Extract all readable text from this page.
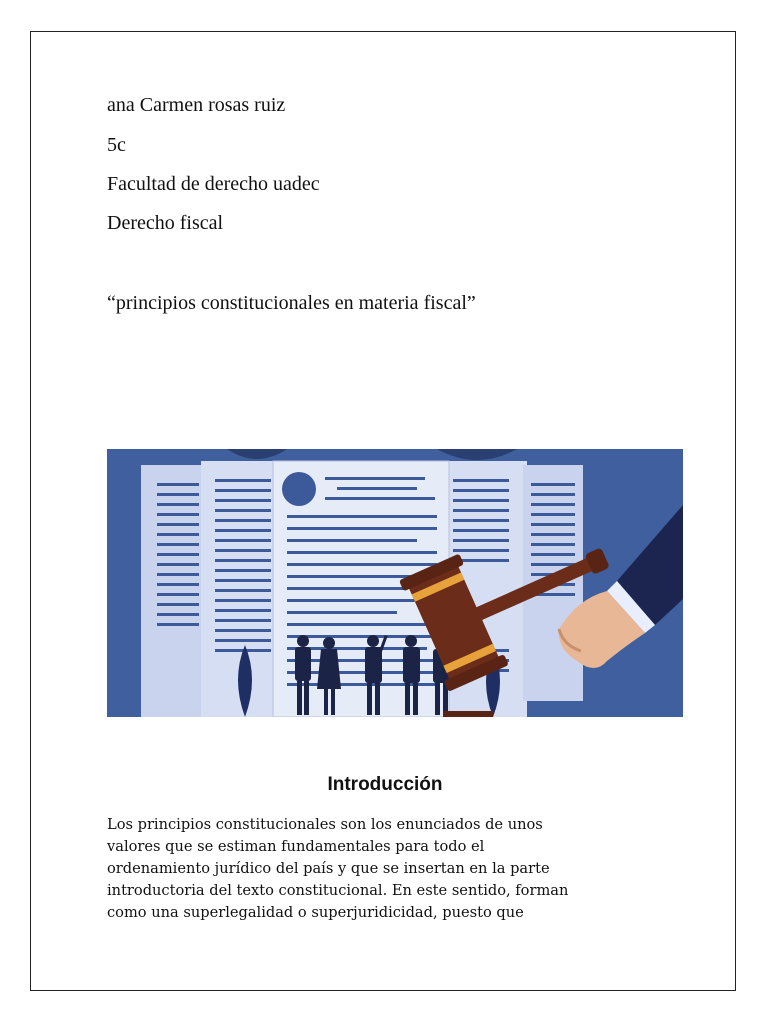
ana Carmen rosas ruiz
5c
Facultad de derecho uadec
Derecho fiscal
“principios constitucionales en materia fiscal”
Introducción
Los principios constitucionales son los enunciados de unos
valores que se estiman fundamentales para todo el
ordenamiento jurídico del país y que se insertan en la parte
introductoria del texto constitucional. En este sentido, forman
como una superlegalidad o superjuridicidad, puesto que
